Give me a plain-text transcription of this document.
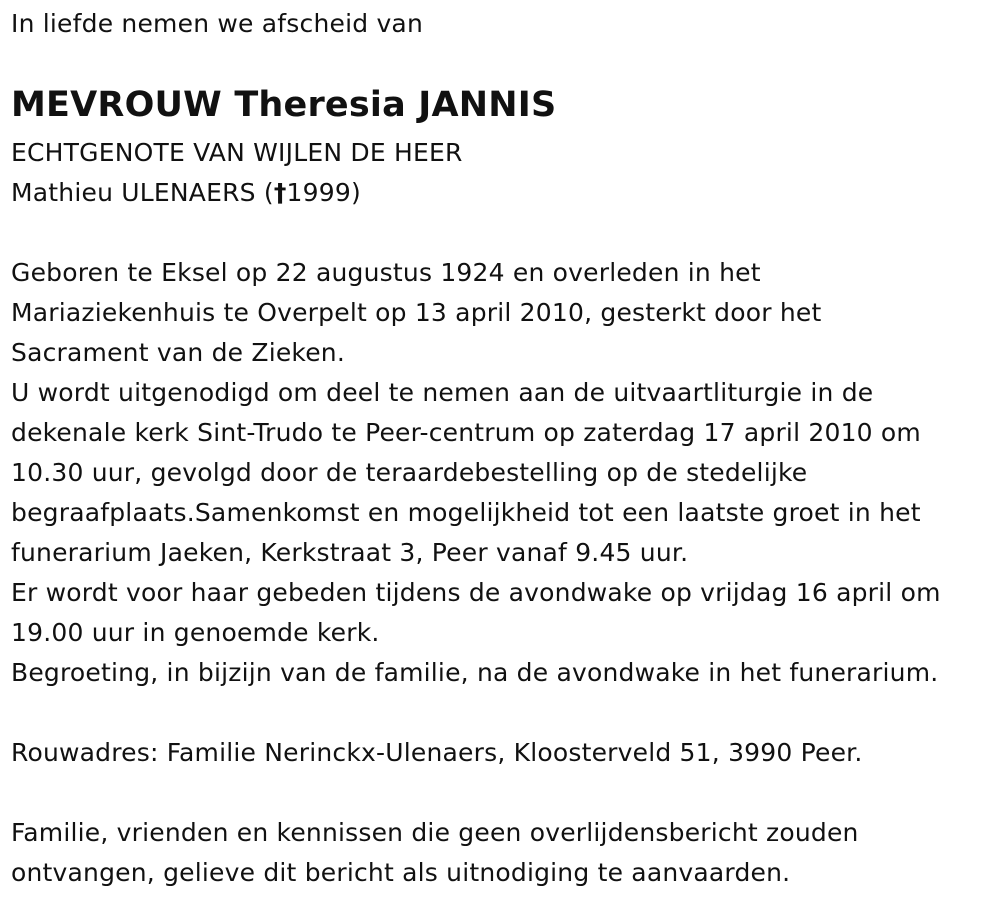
In liefde nemen we afscheid van
MEVROUW Theresia JANNIS
ECHTGENOTE VAN WIJLEN DE HEER
Mathieu ULENAERS (†1999)
Geboren te Eksel op 22 augustus 1924 en overleden in het
Mariaziekenhuis te Overpelt op 13 april 2010, gesterkt door het
Sacrament van de Zieken.
U wordt uitgenodigd om deel te nemen aan de uitvaartliturgie in de
dekenale kerk Sint-Trudo te Peer-centrum op zaterdag 17 april 2010 om
10.30 uur, gevolgd door de teraardebestelling op de stedelijke
begraafplaats.Samenkomst en mogelijkheid tot een laatste groet in het
funerarium Jaeken, Kerkstraat 3, Peer vanaf 9.45 uur.
Er wordt voor haar gebeden tijdens de avondwake op vrijdag 16 april om
19.00 uur in genoemde kerk.
Begroeting, in bijzijn van de familie, na de avondwake in het funerarium.
Rouwadres: Familie Nerinckx-Ulenaers, Kloosterveld 51, 3990 Peer.
Familie, vrienden en kennissen die geen overlijdensbericht zouden
ontvangen, gelieve dit bericht als uitnodiging te aanvaarden.
